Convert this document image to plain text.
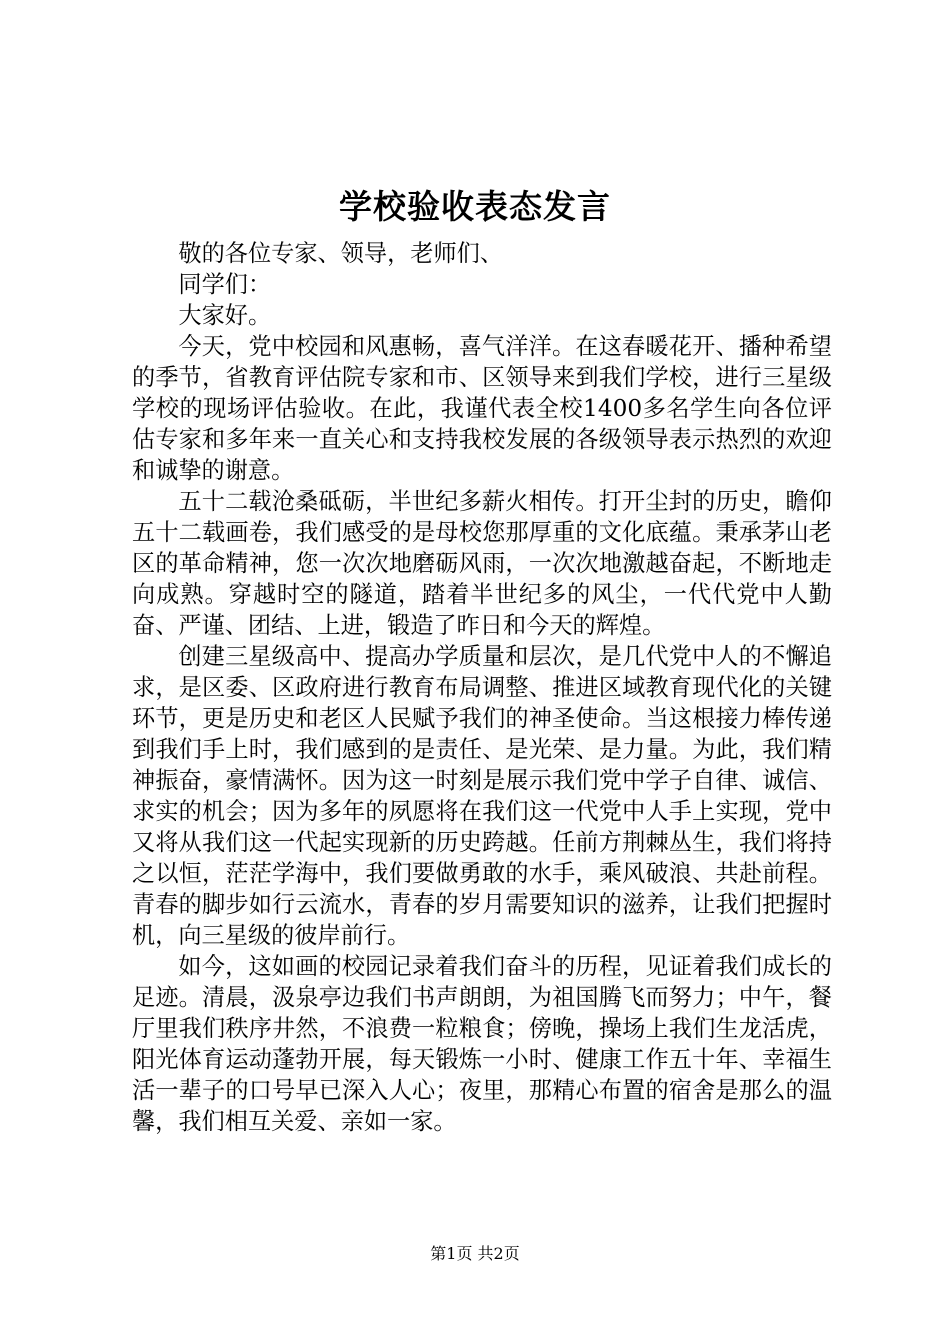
学校验收表态发言

敬的各位专家、领导，老师们、

同学们：

大家好。

今天，党中校园和风惠畅，喜气洋洋。在这春暖花开、播种希望的季节，省教育评估院专家和市、区领导来到我们学校，进行三星级学校的现场评估验收。在此，我谨代表全校1400多名学生向各位评估专家和多年来一直关心和支持我校发展的各级领导表示热烈的欢迎和诚挚的谢意。

五十二载沧桑砥砺，半世纪多薪火相传。打开尘封的历史，瞻仰五十二载画卷，我们感受的是母校您那厚重的文化底蕴。秉承茅山老区的革命精神，您一次次地磨砺风雨，一次次地激越奋起，不断地走向成熟。穿越时空的隧道，踏着半世纪多的风尘，一代代党中人勤奋、严谨、团结、上进，锻造了昨日和今天的辉煌。

创建三星级高中、提高办学质量和层次，是几代党中人的不懈追求，是区委、区政府进行教育布局调整、推进区域教育现代化的关键环节，更是历史和老区人民赋予我们的神圣使命。当这根接力棒传递到我们手上时，我们感到的是责任、是光荣、是力量。为此，我们精神振奋，豪情满怀。因为这一时刻是展示我们党中学子自律、诚信、求实的机会；因为多年的夙愿将在我们这一代党中人手上实现，党中又将从我们这一代起实现新的历史跨越。任前方荆棘丛生，我们将持之以恒，茫茫学海中，我们要做勇敢的水手，乘风破浪、共赴前程。青春的脚步如行云流水，青春的岁月需要知识的滋养，让我们把握时机，向三星级的彼岸前行。

如今，这如画的校园记录着我们奋斗的历程，见证着我们成长的足迹。清晨，汲泉亭边我们书声朗朗，为祖国腾飞而努力；中午，餐厅里我们秩序井然，不浪费一粒粮食；傍晚，操场上我们生龙活虎，阳光体育运动蓬勃开展，每天锻炼一小时、健康工作五十年、幸福生活一辈子的口号早已深入人心；夜里，那精心布置的宿舍是那么的温馨，我们相互关爱、亲如一家。

第1页 共2页
